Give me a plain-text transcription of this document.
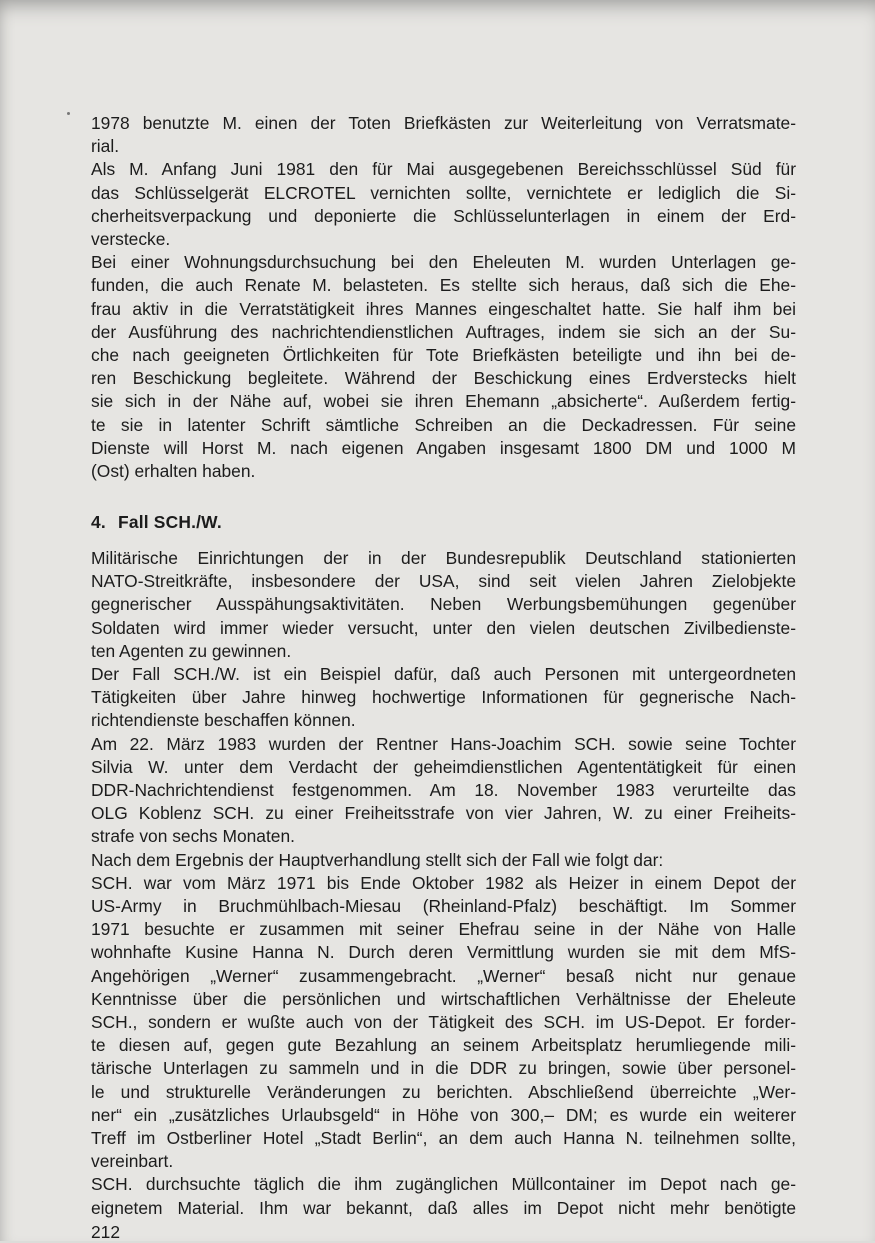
1978 benutzte M. einen der Toten Briefkästen zur Weiterleitung von Verratsmate-
rial.
Als M. Anfang Juni 1981 den für Mai ausgegebenen Bereichsschlüssel Süd für
das Schlüsselgerät ELCROTEL vernichten sollte, vernichtete er lediglich die Si-
cherheitsverpackung und deponierte die Schlüsselunterlagen in einem der Erd-
verstecke.
Bei einer Wohnungsdurchsuchung bei den Eheleuten M. wurden Unterlagen ge-
funden, die auch Renate M. belasteten. Es stellte sich heraus, daß sich die Ehe-
frau aktiv in die Verratstätigkeit ihres Mannes eingeschaltet hatte. Sie half ihm bei
der Ausführung des nachrichtendienstlichen Auftrages, indem sie sich an der Su-
che nach geeigneten Örtlichkeiten für Tote Briefkästen beteiligte und ihn bei de-
ren Beschickung begleitete. Während der Beschickung eines Erdverstecks hielt
sie sich in der Nähe auf, wobei sie ihren Ehemann „absicherte“. Außerdem fertig-
te sie in latenter Schrift sämtliche Schreiben an die Deckadressen. Für seine
Dienste will Horst M. nach eigenen Angaben insgesamt 1800 DM und 1000 M
(Ost) erhalten haben.
4. Fall SCH./W.
Militärische Einrichtungen der in der Bundesrepublik Deutschland stationierten
NATO-Streitkräfte, insbesondere der USA, sind seit vielen Jahren Zielobjekte
gegnerischer Ausspähungsaktivitäten. Neben Werbungsbemühungen gegenüber
Soldaten wird immer wieder versucht, unter den vielen deutschen Zivilbedienste-
ten Agenten zu gewinnen.
Der Fall SCH./W. ist ein Beispiel dafür, daß auch Personen mit untergeordneten
Tätigkeiten über Jahre hinweg hochwertige Informationen für gegnerische Nach-
richtendienste beschaffen können.
Am 22. März 1983 wurden der Rentner Hans-Joachim SCH. sowie seine Tochter
Silvia W. unter dem Verdacht der geheimdienstlichen Agententätigkeit für einen
DDR-Nachrichtendienst festgenommen. Am 18. November 1983 verurteilte das
OLG Koblenz SCH. zu einer Freiheitsstrafe von vier Jahren, W. zu einer Freiheits-
strafe von sechs Monaten.
Nach dem Ergebnis der Hauptverhandlung stellt sich der Fall wie folgt dar:
SCH. war vom März 1971 bis Ende Oktober 1982 als Heizer in einem Depot der
US-Army in Bruchmühlbach-Miesau (Rheinland-Pfalz) beschäftigt. Im Sommer
1971 besuchte er zusammen mit seiner Ehefrau seine in der Nähe von Halle
wohnhafte Kusine Hanna N. Durch deren Vermittlung wurden sie mit dem MfS-
Angehörigen „Werner“ zusammengebracht. „Werner“ besaß nicht nur genaue
Kenntnisse über die persönlichen und wirtschaftlichen Verhältnisse der Eheleute
SCH., sondern er wußte auch von der Tätigkeit des SCH. im US-Depot. Er forder-
te diesen auf, gegen gute Bezahlung an seinem Arbeitsplatz herumliegende mili-
tärische Unterlagen zu sammeln und in die DDR zu bringen, sowie über personel-
le und strukturelle Veränderungen zu berichten. Abschließend überreichte „Wer-
ner“ ein „zusätzliches Urlaubsgeld“ in Höhe von 300,– DM; es wurde ein weiterer
Treff im Ostberliner Hotel „Stadt Berlin“, an dem auch Hanna N. teilnehmen sollte,
vereinbart.
SCH. durchsuchte täglich die ihm zugänglichen Müllcontainer im Depot nach ge-
eignetem Material. Ihm war bekannt, daß alles im Depot nicht mehr benötigte
212
